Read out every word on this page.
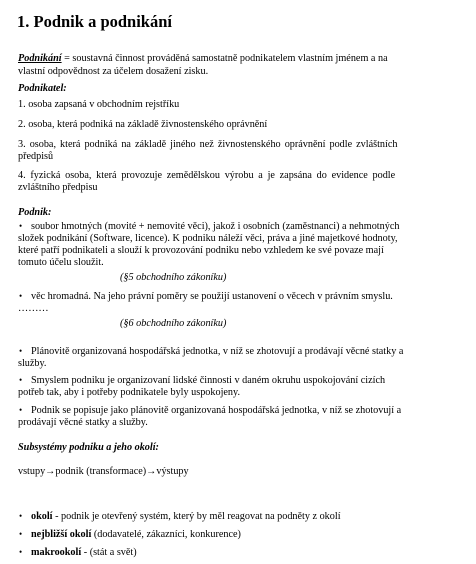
1. Podnik a podnikání
Podnikání = soustavná činnost prováděná samostatně podnikatelem vlastním jménem a na
vlastní odpovědnost za účelem dosažení zisku.
Podnikatel:
1. osoba zapsaná v obchodním rejstříku
2. osoba, která podniká na základě živnostenského oprávnění
3. osoba, která podniká na základě jiného než živnostenského oprávnění podle zvláštních
předpisů
4. fyzická osoba, která provozuje zemědělskou výrobu a je zapsána do evidence podle
zvláštního předpisu
Podnik:
•
soubor hmotných (movité + nemovité věci), jakož i osobních (zaměstnanci) a nehmotných
složek podnikání (Software, licence). K podniku náleží věci, práva a jiné majetkové hodnoty,
které patří podnikateli a slouží k provozování podniku nebo vzhledem ke své povaze mají
tomuto účelu sloužit.
(§5 obchodního zákoníku)
•
věc hromadná. Na jeho právní poměry se použijí ustanovení o věcech v právním smyslu.
………
(§6 obchodního zákoníku)
•
Plánovitě organizovaná hospodářská jednotka, v níž se zhotovují a prodávají věcné statky a
služby.
•
Smyslem podniku je organizovaní lidské činnosti v daném okruhu uspokojování cizích
potřeb tak, aby i potřeby podnikatele byly uspokojeny.
•
Podnik se popisuje jako plánovitě organizovaná hospodářská jednotka, v níž se zhotovují a
prodávají věcné statky a služby.
Subsystémy podniku a jeho okolí:
vstupy→podnik (transformace)→výstupy
•
okolí - podnik je otevřený systém, který by měl reagovat na podněty z okolí
•
nejbližší okolí (dodavatelé, zákazníci, konkurence)
•
makrookolí - (stát a svět)
